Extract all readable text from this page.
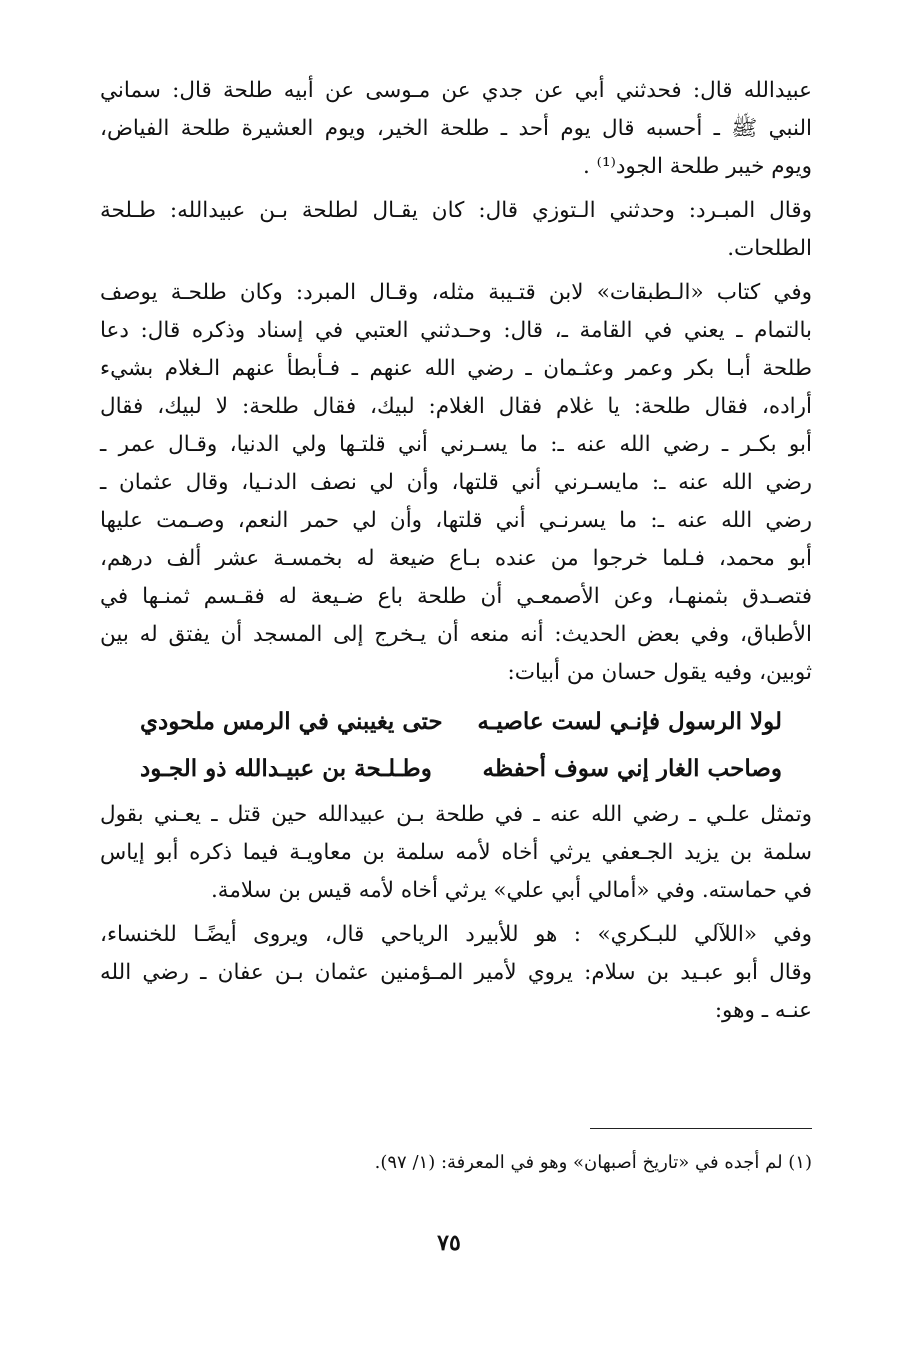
عبيدالله قال: فحدثني أبي عن جدي عن مـوسى عن أبيه طلحة قال: سماني
النبي ﷺ ـ أحسبه قال يوم أحد ـ طلحة الخير، ويوم العشيرة طلحة الفياض،
ويوم خيبر طلحة الجود⁽¹⁾ .

وقال المبـرد: وحدثني الـتوزي قال: كان يقـال لطلحة بـن عبيدالله: طـلحة
الطلحات.

وفي كتاب «الـطبقات» لابن قتـيبة مثله، وقـال المبرد: وكان طلحـة يوصف
بالتمام ـ يعني في القامة ـ، قال: وحـدثني العتبي في إسناد وذكره قال: دعا
طلحة أبـا بكر وعمر وعثـمان ـ رضي الله عنهم ـ فـأبطأ عنهم الـغلام بشيء
أراده، فقال طلحة: يا غلام فقال الغلام: لبيك، فقال طلحة: لا لبيك، فقال
أبو بكـر ـ رضي الله عنه ـ: ما يسـرني أني قلتـها ولي الدنيا، وقـال عمر ـ
رضي الله عنه ـ: مايسـرني أني قلتها، وأن لي نصف الدنـيا، وقال عثمان ـ
رضي الله عنه ـ: ما يسرنـي أني قلتها، وأن لي حمر النعم، وصـمت عليها
أبو محمد، فـلما خرجوا من عنده بـاع ضيعة له بخمسـة عشر ألف درهم،
فتصـدق بثمنهـا، وعن الأصمعـي أن طلحة باع ضـيعة له فقـسم ثمنـها في
الأطباق، وفي بعض الحديث: أنه منعه أن يـخرج إلى المسجد أن يفتق له بين
ثوبين، وفيه يقول حسان من أبيات:

لولا الرسول فإنـي لست عاصيـه
حتى يغيبني في الرمس ملحودي
وصاحب الغار إني سوف أحفظه
وطـلـحة بن عبيـدالله ذو الجـود

وتمثل علـي ـ رضي الله عنه ـ في طلحة بـن عبيدالله حين قتل ـ يعـني بقول
سلمة بن يزيد الجـعفي يرثي أخاه لأمه سلمة بن معاويـة فيما ذكره أبو إياس
في حماسته. وفي «أمالي أبي علي» يرثي أخاه لأمه قيس بن سلامة.

وفي «اللآلي للبـكري» : هو للأبيرد الرياحي قال، ويروى أيضًـا للخنساء،
وقال أبو عبـيد بن سلام: يروي لأمير المـؤمنين عثمان بـن عفان ـ رضي الله
عنـه ـ وهو:

(١) لم أجده في «تاريخ أصبهان» وهو في المعرفة: (١/ ٩٧).
٧٥
